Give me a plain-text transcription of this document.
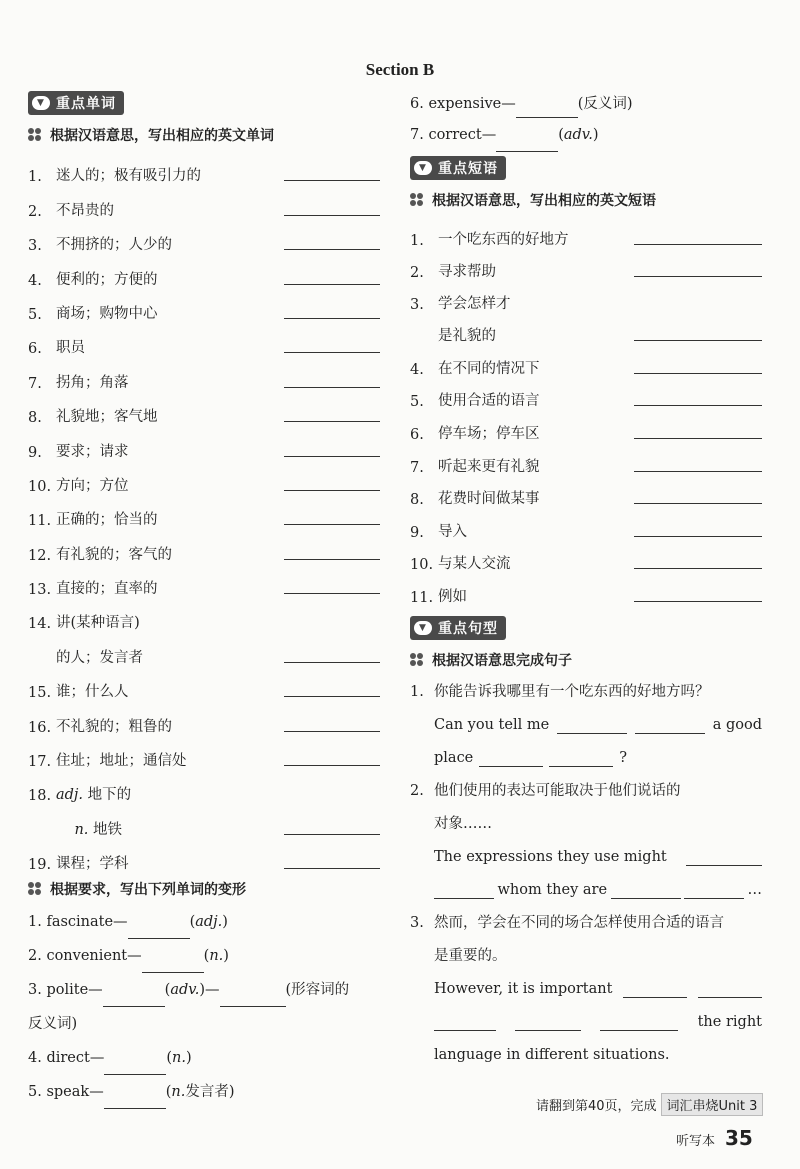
Section B
▼ 重点单词
根据汉语意思，写出相应的英文单词
1. 迷人的；极有吸引力的
2. 不昂贵的
3. 不拥挤的；人少的
4. 便利的；方便的
5. 商场；购物中心
6. 职员
7. 拐角；角落
8. 礼貌地；客气地
9. 要求；请求
10. 方向；方位
11. 正确的；恰当的
12. 有礼貌的；客气的
13. 直接的；直率的
14. 讲(某种语言)
的人；发言者
15. 谁；什么人
16. 不礼貌的；粗鲁的
17. 住址；地址；通信处
18. adj. 地下的
n. 地铁
19. 课程；学科
根据要求，写出下列单词的变形
1. fascinate—	(adj.)
2. convenient—	(n.)
3. polite—	(adv.)—	(形容词的
反义词)
4. direct—	(n.)
5. speak—	(n.发言者)
6. expensive—	(反义词)
7. correct—	(adv.)
▼ 重点短语
根据汉语意思，写出相应的英文短语
1. 一个吃东西的好地方
2. 寻求帮助
3. 学会怎样才
是礼貌的
4. 在不同的情况下
5. 使用合适的语言
6. 停车场；停车区
7. 听起来更有礼貌
8. 花费时间做某事
9. 导入
10. 与某人交流
11. 例如
▼ 重点句型
根据汉语意思完成句子
1. 你能告诉我哪里有一个吃东西的好地方吗？
Can you tell me	a good
place	?
2. 他们使用的表达可能取决于他们说话的
对象……
The expressions they use might
whom they are	…
3. 然而，学会在不同的场合怎样使用合适的语言
是重要的。
However, it is important
the right
language in different situations.
请翻到第40页，完成 词汇串烧Unit 3
听写本 35
